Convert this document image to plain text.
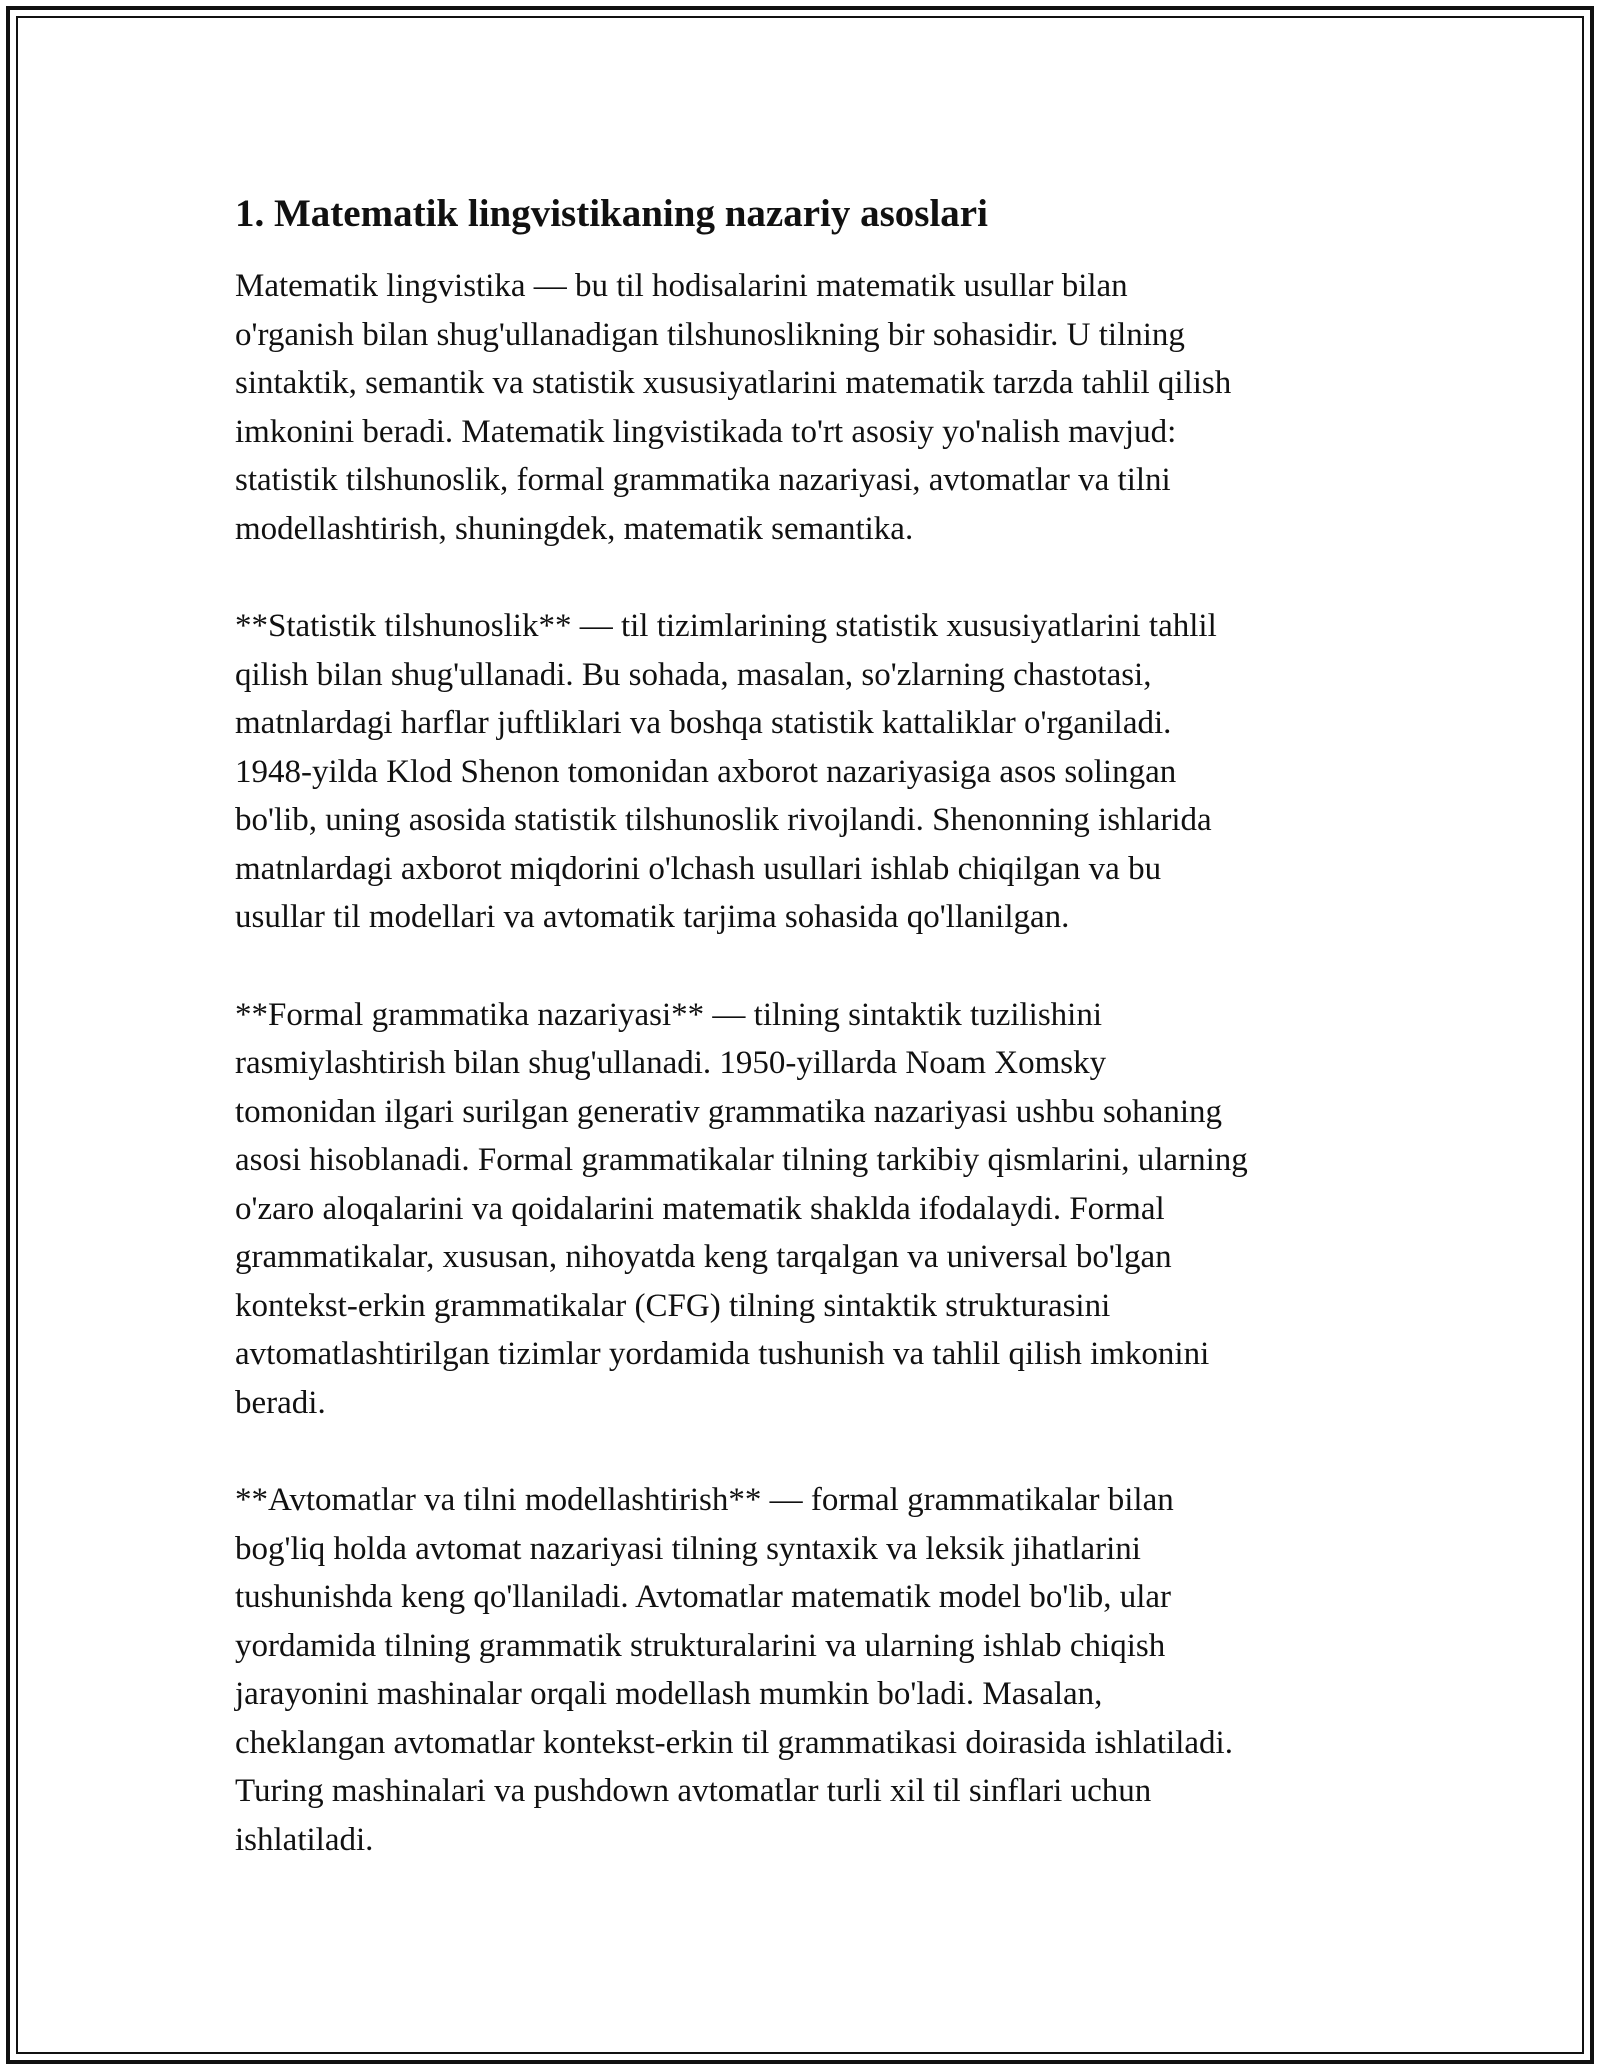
1. Matematik lingvistikaning nazariy asoslari

Matematik lingvistika — bu til hodisalarini matematik usullar bilan
o'rganish bilan shug'ullanadigan tilshunoslikning bir sohasidir. U tilning
sintaktik, semantik va statistik xususiyatlarini matematik tarzda tahlil qilish
imkonini beradi. Matematik lingvistikada to'rt asosiy yo'nalish mavjud:
statistik tilshunoslik, formal grammatika nazariyasi, avtomatlar va tilni
modellashtirish, shuningdek, matematik semantika.

**Statistik tilshunoslik** — til tizimlarining statistik xususiyatlarini tahlil
qilish bilan shug'ullanadi. Bu sohada, masalan, so'zlarning chastotasi,
matnlardagi harflar juftliklari va boshqa statistik kattaliklar o'rganiladi.
1948-yilda Klod Shenon tomonidan axborot nazariyasiga asos solingan
bo'lib, uning asosida statistik tilshunoslik rivojlandi. Shenonning ishlarida
matnlardagi axborot miqdorini o'lchash usullari ishlab chiqilgan va bu
usullar til modellari va avtomatik tarjima sohasida qo'llanilgan.

**Formal grammatika nazariyasi** — tilning sintaktik tuzilishini
rasmiylashtirish bilan shug'ullanadi. 1950-yillarda Noam Xomsky
tomonidan ilgari surilgan generativ grammatika nazariyasi ushbu sohaning
asosi hisoblanadi. Formal grammatikalar tilning tarkibiy qismlarini, ularning
o'zaro aloqalarini va qoidalarini matematik shaklda ifodalaydi. Formal
grammatikalar, xususan, nihoyatda keng tarqalgan va universal bo'lgan
kontekst-erkin grammatikalar (CFG) tilning sintaktik strukturasini
avtomatlashtirilgan tizimlar yordamida tushunish va tahlil qilish imkonini
beradi.

**Avtomatlar va tilni modellashtirish** — formal grammatikalar bilan
bog'liq holda avtomat nazariyasi tilning syntaxik va leksik jihatlarini
tushunishda keng qo'llaniladi. Avtomatlar matematik model bo'lib, ular
yordamida tilning grammatik strukturalarini va ularning ishlab chiqish
jarayonini mashinalar orqali modellash mumkin bo'ladi. Masalan,
cheklangan avtomatlar kontekst-erkin til grammatikasi doirasida ishlatiladi.
Turing mashinalari va pushdown avtomatlar turli xil til sinflari uchun
ishlatiladi.
